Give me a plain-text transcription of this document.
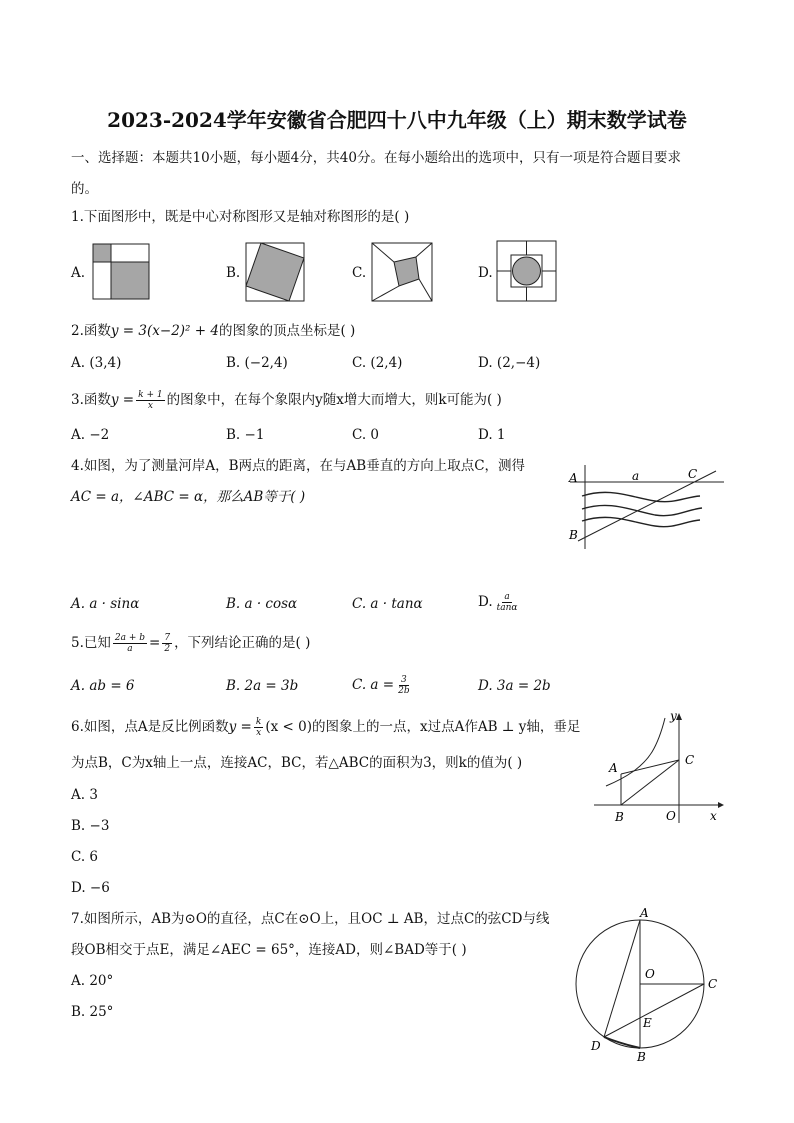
2023-2024学年安徽省合肥四十八中九年级（上）期末数学试卷
一、选择题：本题共10小题，每小题4分，共40分。在每小题给出的选项中，只有一项是符合题目要求
的。
1.下面图形中，既是中心对称图形又是轴对称图形的是( )
A.	B.	C.	D.
2.函数y = 3(x−2)² + 4的图象的顶点坐标是( )
A. (3,4)	B. (−2,4)	C. (2,4)	D. (2,−4)
3.函数 $y = \frac{k + 1}{x}$ 的图象中，在每个象限内y随x增大而增大，则k可能为( )
A. −2	B. −1	C. 0	D. 1
4.如图，为了测量河岸A，B两点的距离，在与AB垂直的方向上取点C，测得
AC = a，∠ABC = α，那么AB等于( )
A. a · sinα	B. a · cosα	C. a · tanα	D. $\frac{a}{\tan\alpha}$
A	a	C
B
5.已知 $\frac{2a + b}{a} = \frac{7}{2}$ ，下列结论正确的是( )
A. ab = 6	B. 2a = 3b	C. $a = \frac{3}{2b}$	D. 3a = 2b
6.如图，点A是反比例函数 $y = \frac{k}{x} (x < 0)$的图象上的一点，x过点A作AB ⊥ y轴，垂足
为点B，C为x轴上一点，连接AC，BC，若△ABC的面积为3，则k的值为( )
A. 3
B. −3
C. 6
D. −6
A
C
B	O	x
y
7.如图所示，AB为⊙O的直径，点C在⊙O上，且OC ⊥ AB，过点C的弦CD与线
段OB相交于点E，满足∠AEC = 65°，连接AD，则∠BAD等于( )
A. 20°
B. 25°
A
O
C
E
D
B
